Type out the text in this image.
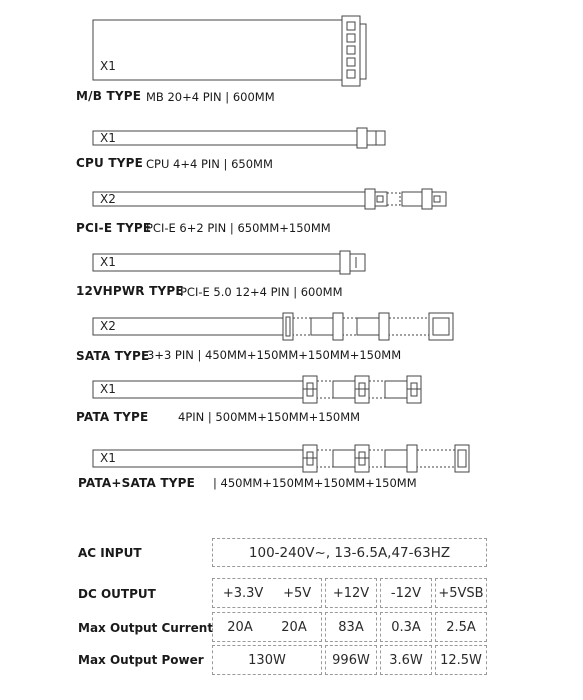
X1
X1
X2
X1
X2
X1
X1
M/B TYPE MB 20+4 PIN | 600MM
CPU TYPE CPU 4+4 PIN | 650MM
PCI-E TYPE
PCI-E 6+2 PIN | 650MM+150MM
12VHPWR TYPE
PCI-E 5.0 12+4 PIN | 600MM
SATA TYPE
3+3 PIN | 450MM+150MM+150MM+150MM
PATA TYPE	4PIN | 500MM+150MM+150MM
PATA+SATA TYPE | 450MM+150MM+150MM+150MM
AC INPUT	100-240V~, 13-6.5A,47-63HZ
DC OUTPUT	+3.3V +5V	+12V	-12V	+5VSB
Max Output Current 20A 20A	83A	0.3A	2.5A
Max Output Power	130W	996W	3.6W	12.5W
